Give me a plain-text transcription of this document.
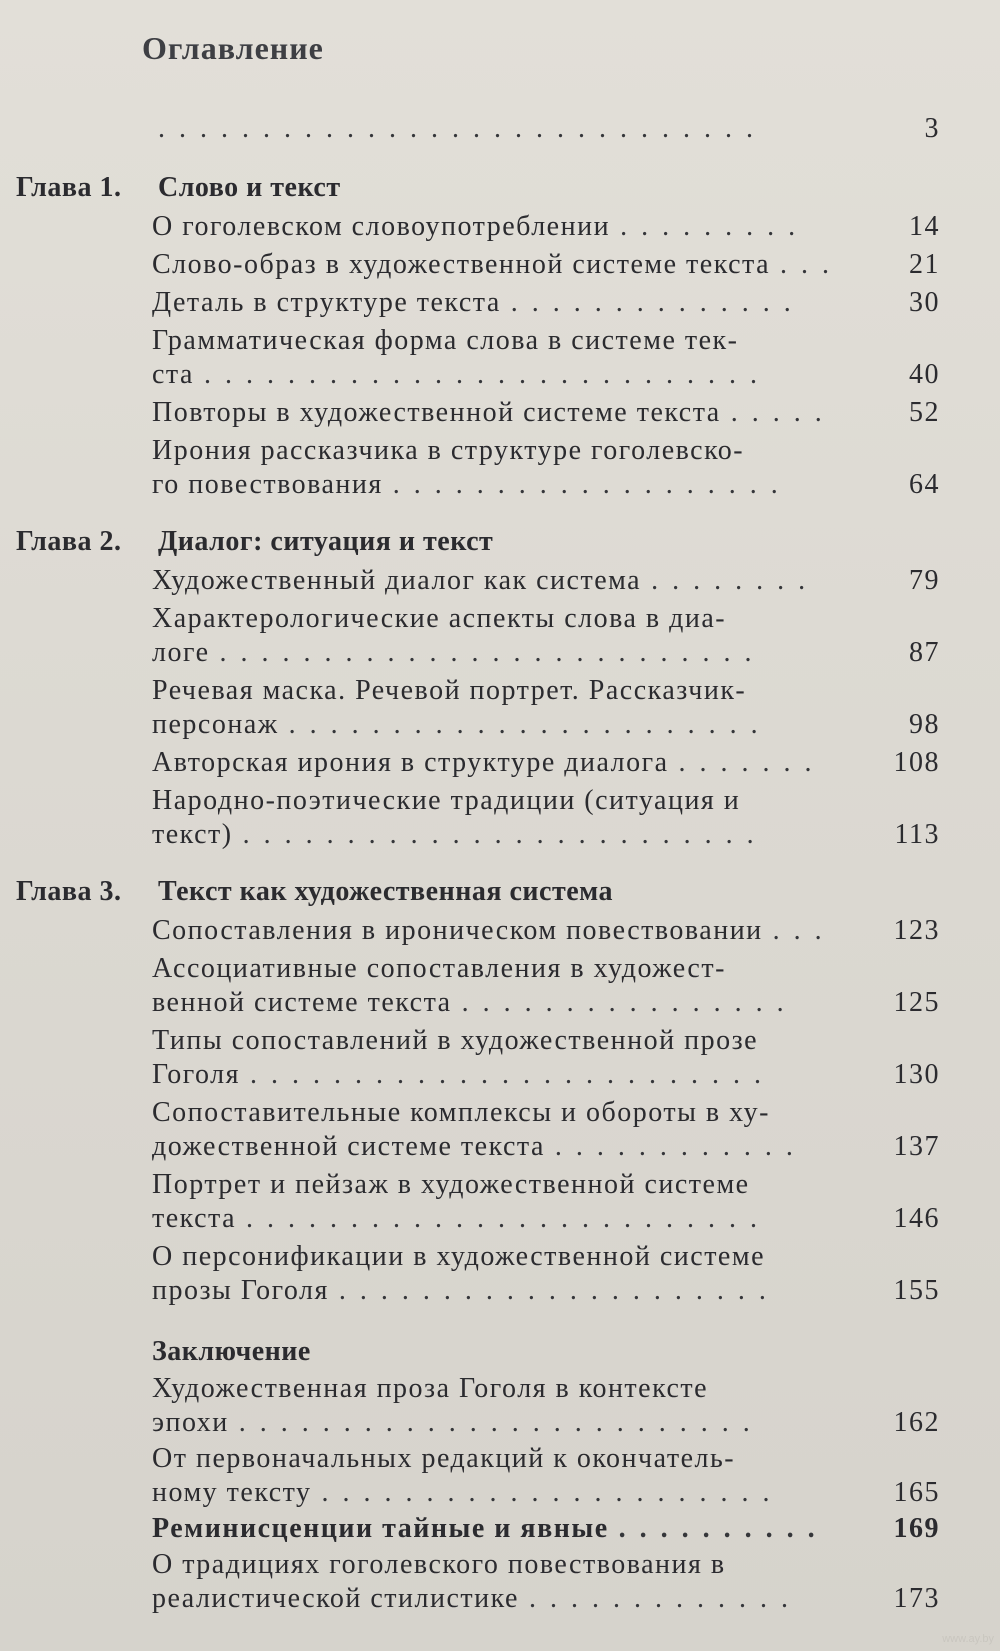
Оглавление
.............................	3
Глава 1. Слово и текст
О гоголевском словоупотреблении .........	14
Слово-образ в художественной системе текста ...	21
Деталь в структуре текста ..............	30
Грамматическая форма слова в системе тек-
ста ...........................	40
Повторы в художественной системе текста .....	52
Ирония рассказчика в структуре гоголевско-
го повествования ...................	64
Глава 2. Диалог: ситуация и текст
Художественный диалог как система ........	79
Характерологические аспекты слова в диа-
логе ..........................	87
Речевая маска. Речевой портрет. Рассказчик-
персонаж .......................	98
Авторская ирония в структуре диалога .......	108
Народно-поэтические традиции (ситуация и
текст) .........................	113
Глава 3. Текст как художественная система
Сопоставления в ироническом повествовании ...	123
Ассоциативные сопоставления в художест-
венной системе текста ................	125
Типы сопоставлений в художественной прозе
Гоголя .........................	130
Сопоставительные комплексы и обороты в ху-
дожественной системе текста ............	137
Портрет и пейзаж в художественной системе
текста .........................	146
О персонификации в художественной системе
прозы Гоголя .....................	155
Заключение
Художественная проза Гоголя в контексте
эпохи .........................	162
От первоначальных редакций к окончатель-
ному тексту ......................	165
Реминисценции тайные и явные ..........	169
О традициях гоголевского повествования в
реалистической стилистике .............	173
www.ay.by
